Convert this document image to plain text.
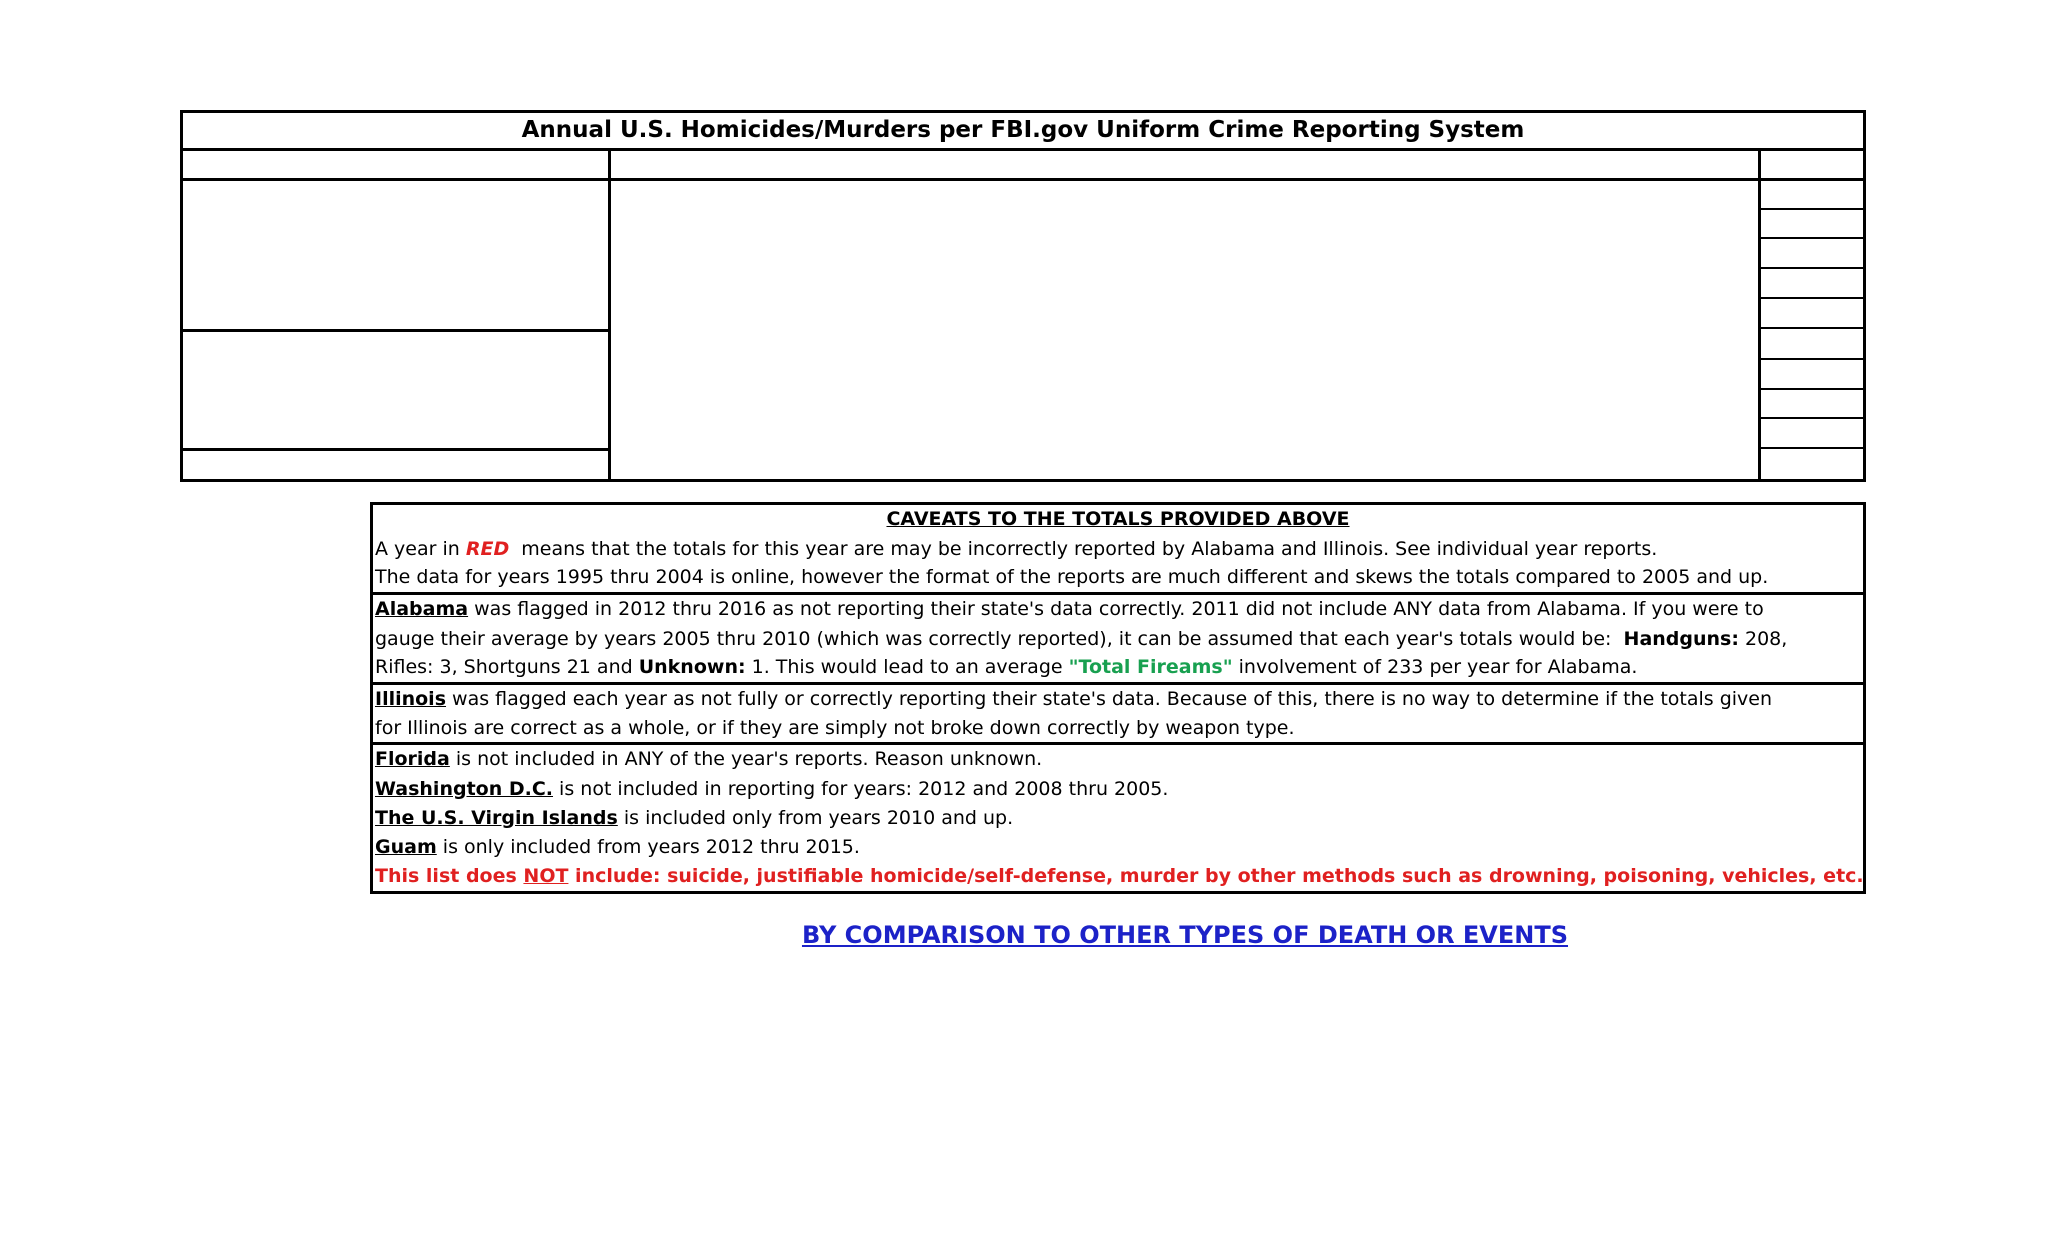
Annual U.S. Homicides/Murders per FBI.gov Uniform Crime Reporting System
CAVEATS TO THE TOTALS PROVIDED ABOVE
A year in RED  means that the totals for this year are may be incorrectly reported by Alabama and Illinois. See individual year reports.
The data for years 1995 thru 2004 is online, however the format of the reports are much different and skews the totals compared to 2005 and up.
Alabama was flagged in 2012 thru 2016 as not reporting their state's data correctly. 2011 did not include ANY data from Alabama. If you were to
gauge their average by years 2005 thru 2010 (which was correctly reported), it can be assumed that each year's totals would be:  Handguns: 208,
Rifles: 3, Shortguns 21 and Unknown: 1. This would lead to an average "Total Fireams" involvement of 233 per year for Alabama.
Illinois was flagged each year as not fully or correctly reporting their state's data. Because of this, there is no way to determine if the totals given
for Illinois are correct as a whole, or if they are simply not broke down correctly by weapon type.
Florida is not included in ANY of the year's reports. Reason unknown.
Washington D.C. is not included in reporting for years: 2012 and 2008 thru 2005.
The U.S. Virgin Islands is included only from years 2010 and up.
Guam is only included from years 2012 thru 2015.
This list does NOT include: suicide, justifiable homicide/self-defense, murder by other methods such as drowning, poisoning, vehicles, etc.
BY COMPARISON TO OTHER TYPES OF DEATH OR EVENTS
